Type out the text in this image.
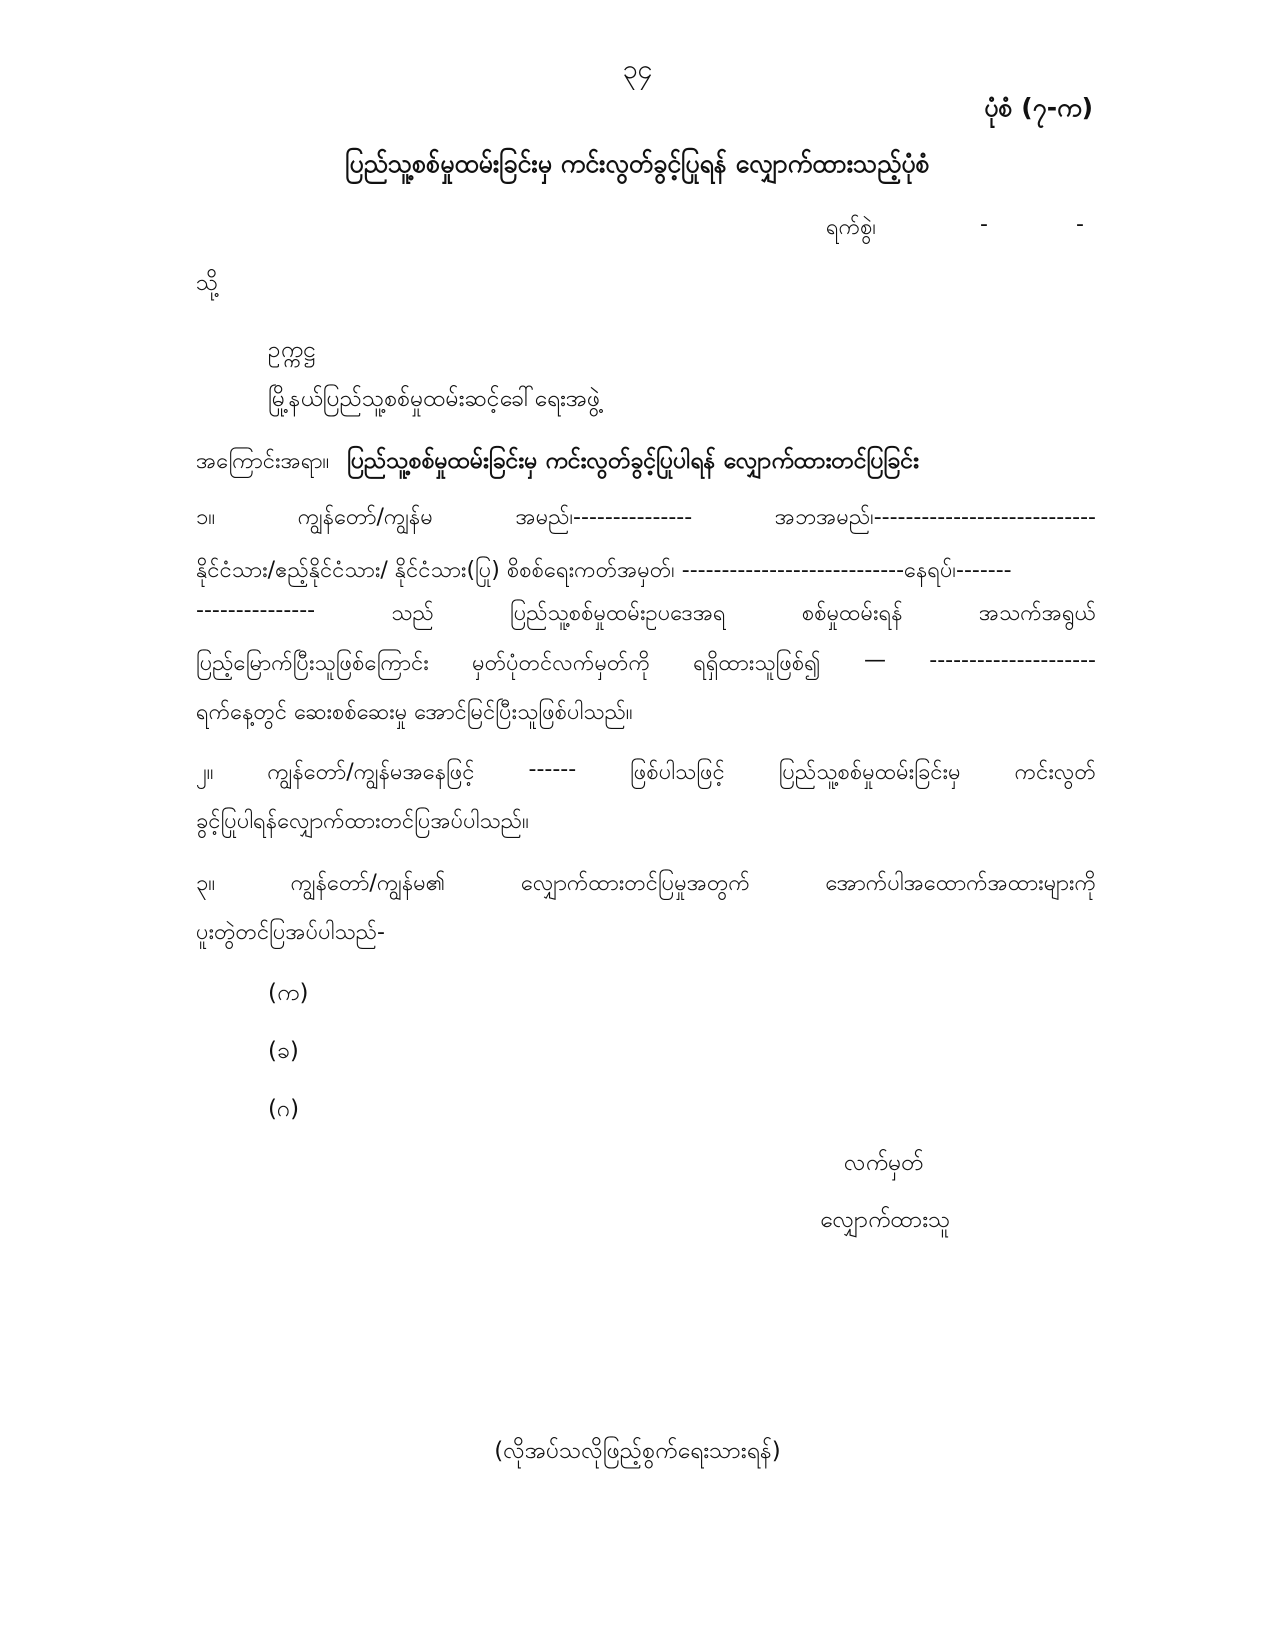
၃၄
ပုံစံ (၇-က)
ပြည်သူ့စစ်မှုထမ်းခြင်းမှ ကင်းလွတ်ခွင့်ပြုရန် လျှောက်ထားသည့်ပုံစံ
ရက်စွဲ၊	-	-
သို့
ဥက္ကဋ္ဌ
မြို့နယ်ပြည်သူ့စစ်မှုထမ်းဆင့်ခေါ်ရေးအဖွဲ့
အကြောင်းအရာ။ ပြည်သူ့စစ်မှုထမ်းခြင်းမှ ကင်းလွတ်ခွင့်ပြုပါရန် လျှောက်ထားတင်ပြခြင်း
၁။	ကျွန်တော်/ကျွန်မ	အမည်၊---------------	အဘအမည်၊----------------------------
နိုင်ငံသား/ဧည့်နိုင်ငံသား/ နိုင်ငံသား(ပြု) စိစစ်ရေးကတ်အမှတ်၊ ----------------------------နေရပ်၊-------
---------------	သည်	ပြည်သူ့စစ်မှုထမ်းဥပဒေအရ	စစ်မှုထမ်းရန်	အသက်အရွယ်
ပြည့်မြောက်ပြီးသူဖြစ်ကြောင်း မှတ်ပုံတင်လက်မှတ်ကို ရရှိထားသူဖြစ်၍ — ---------------------
ရက်နေ့တွင် ဆေးစစ်ဆေးမှု အောင်မြင်ပြီးသူဖြစ်ပါသည်။
၂။ ကျွန်တော်/ကျွန်မအနေဖြင့် ------ ဖြစ်ပါသဖြင့် ပြည်သူ့စစ်မှုထမ်းခြင်းမှ ကင်းလွတ်
ခွင့်ပြုပါရန်လျှောက်ထားတင်ပြအပ်ပါသည်။
၃။	ကျွန်တော်/ကျွန်မ၏	လျှောက်ထားတင်ပြမှုအတွက်	အောက်ပါအထောက်အထားများကို
ပူးတွဲတင်ပြအပ်ပါသည်-
(က)
(ခ)
(ဂ)
လက်မှတ်
လျှောက်ထားသူ
(လိုအပ်သလိုဖြည့်စွက်ရေးသားရန်)
